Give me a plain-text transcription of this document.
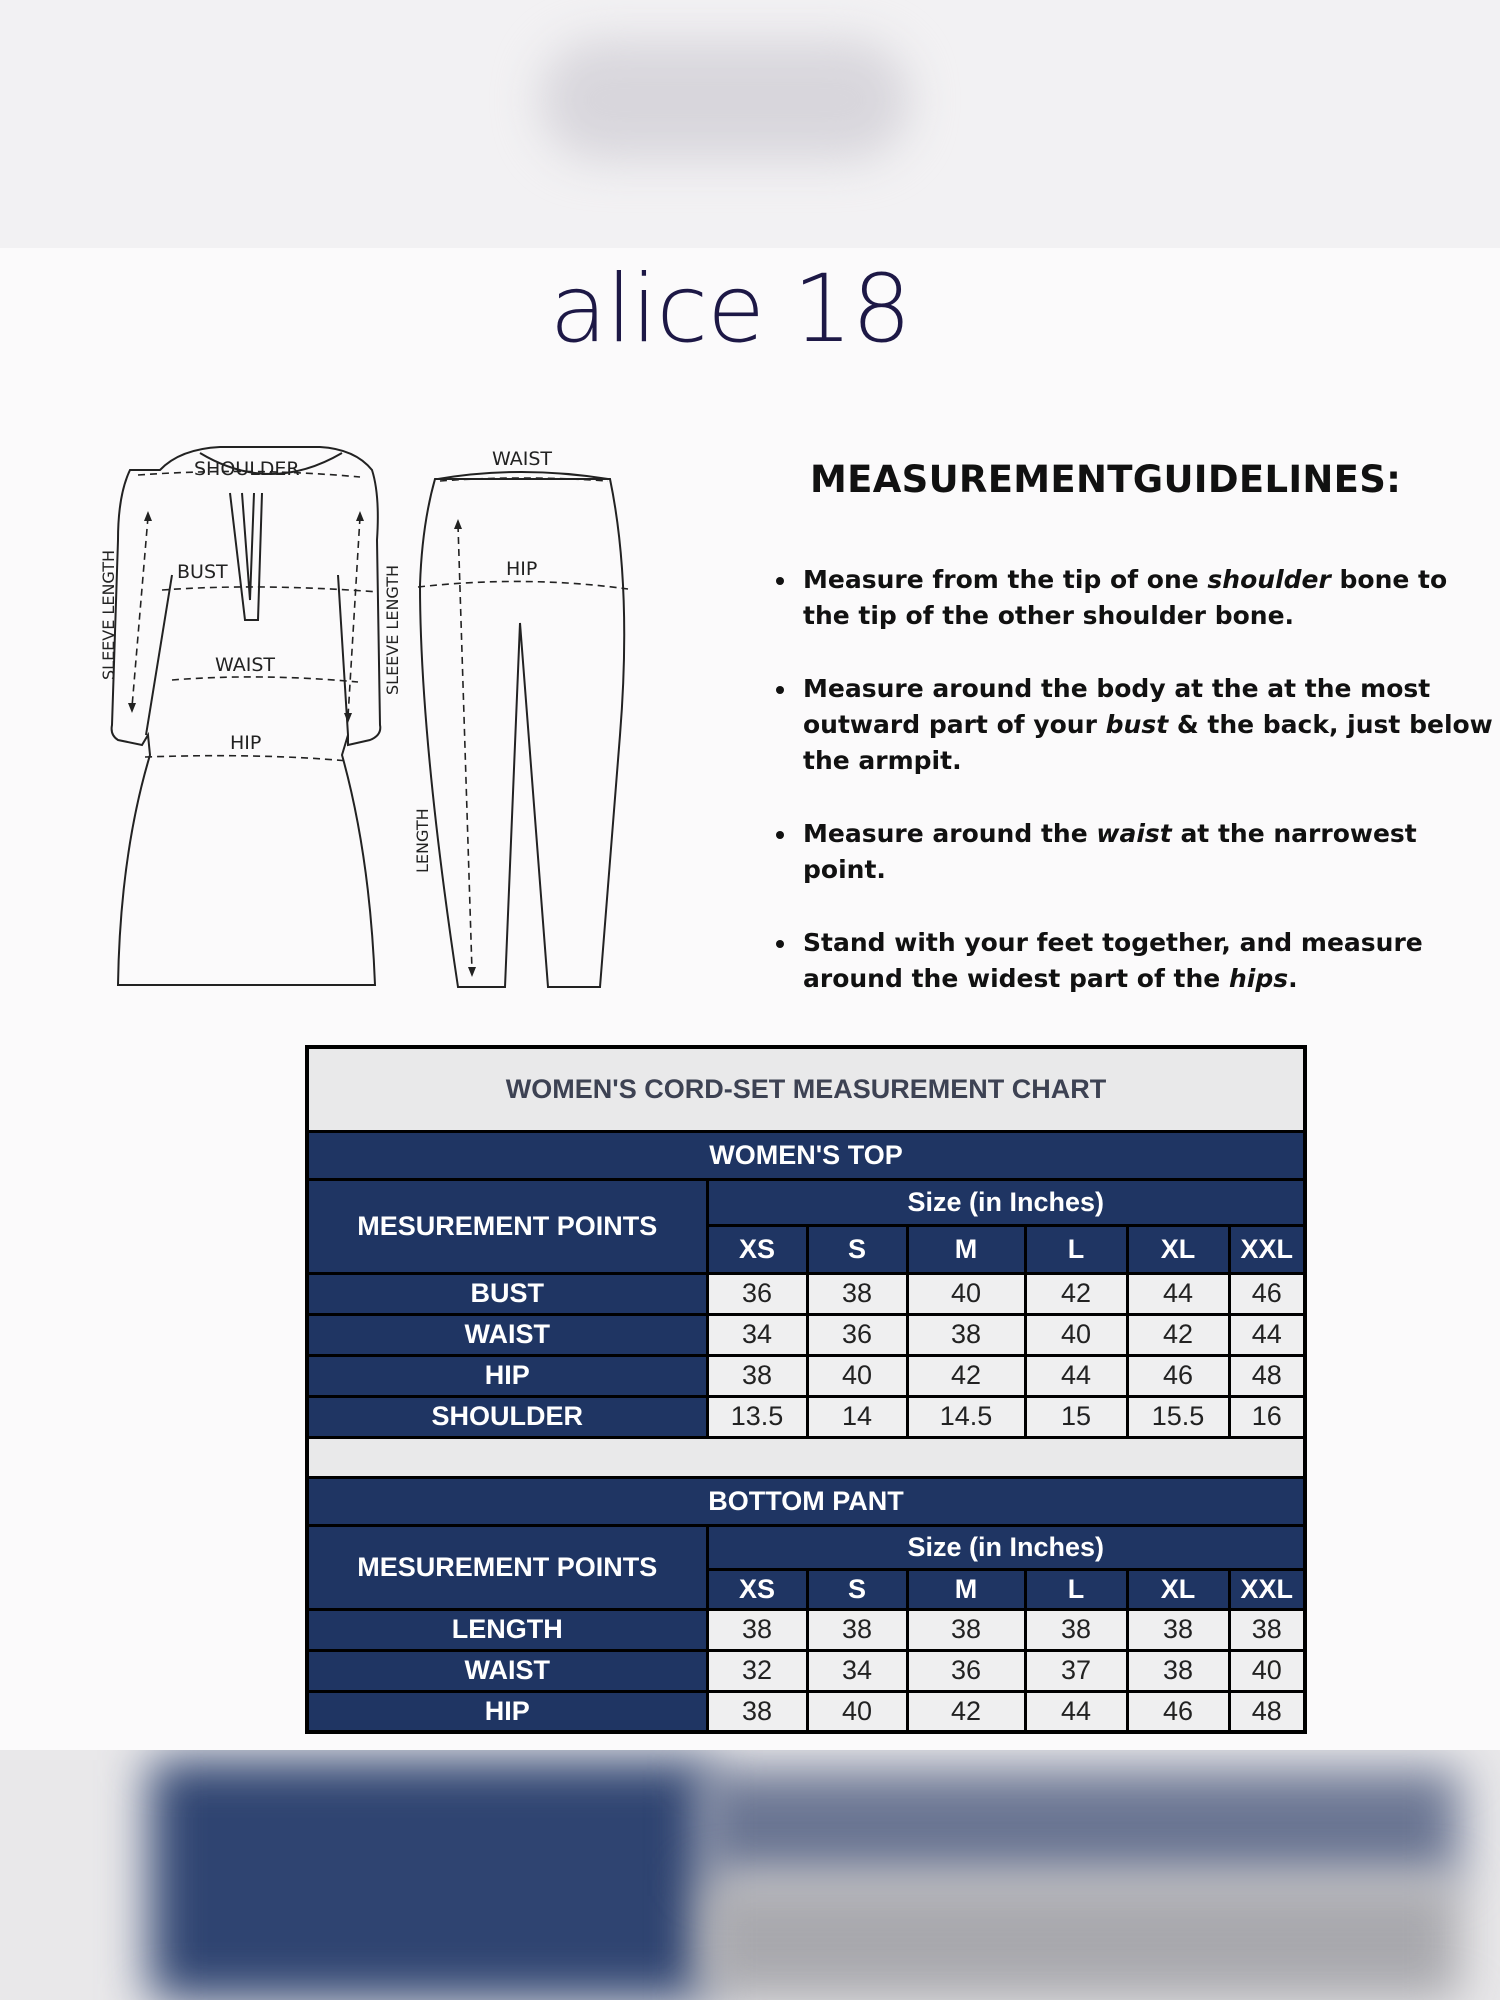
alice 18
SHOULDER
BUST
WAIST
HIP
SLEEVE LENGTH	SLEEVE LENGTH
WAIST
HIP
LENGTH
MEASUREMENTGUIDELINES:
Measure from the tip of one shoulder bone to the tip of the other shoulder bone.
Measure around the body at the at the most outward part of your bust & the back, just below the armpit.
Measure around the waist at the narrowest point.
Stand with your feet together, and measure around the widest part of the hips.
WOMEN'S CORD-SET MEASUREMENT CHART						
WOMEN'S TOP						
MESUREMENT POINTS	Size (in Inches)					
	XS	S	M	L	XL	XXL
BUST	36	38	40	42	44	46
WAIST	34	36	38	40	42	44
HIP	38	40	42	44	46	48
SHOULDER	13.5	14	14.5	15	15.5	16

BOTTOM PANT						
MESUREMENT POINTS	Size (in Inches)					
	XS	S	M	L	XL	XXL
LENGTH	38	38	38	38	38	38
WAIST	32	34	36	37	38	40
HIP	38	40	42	44	46	48
